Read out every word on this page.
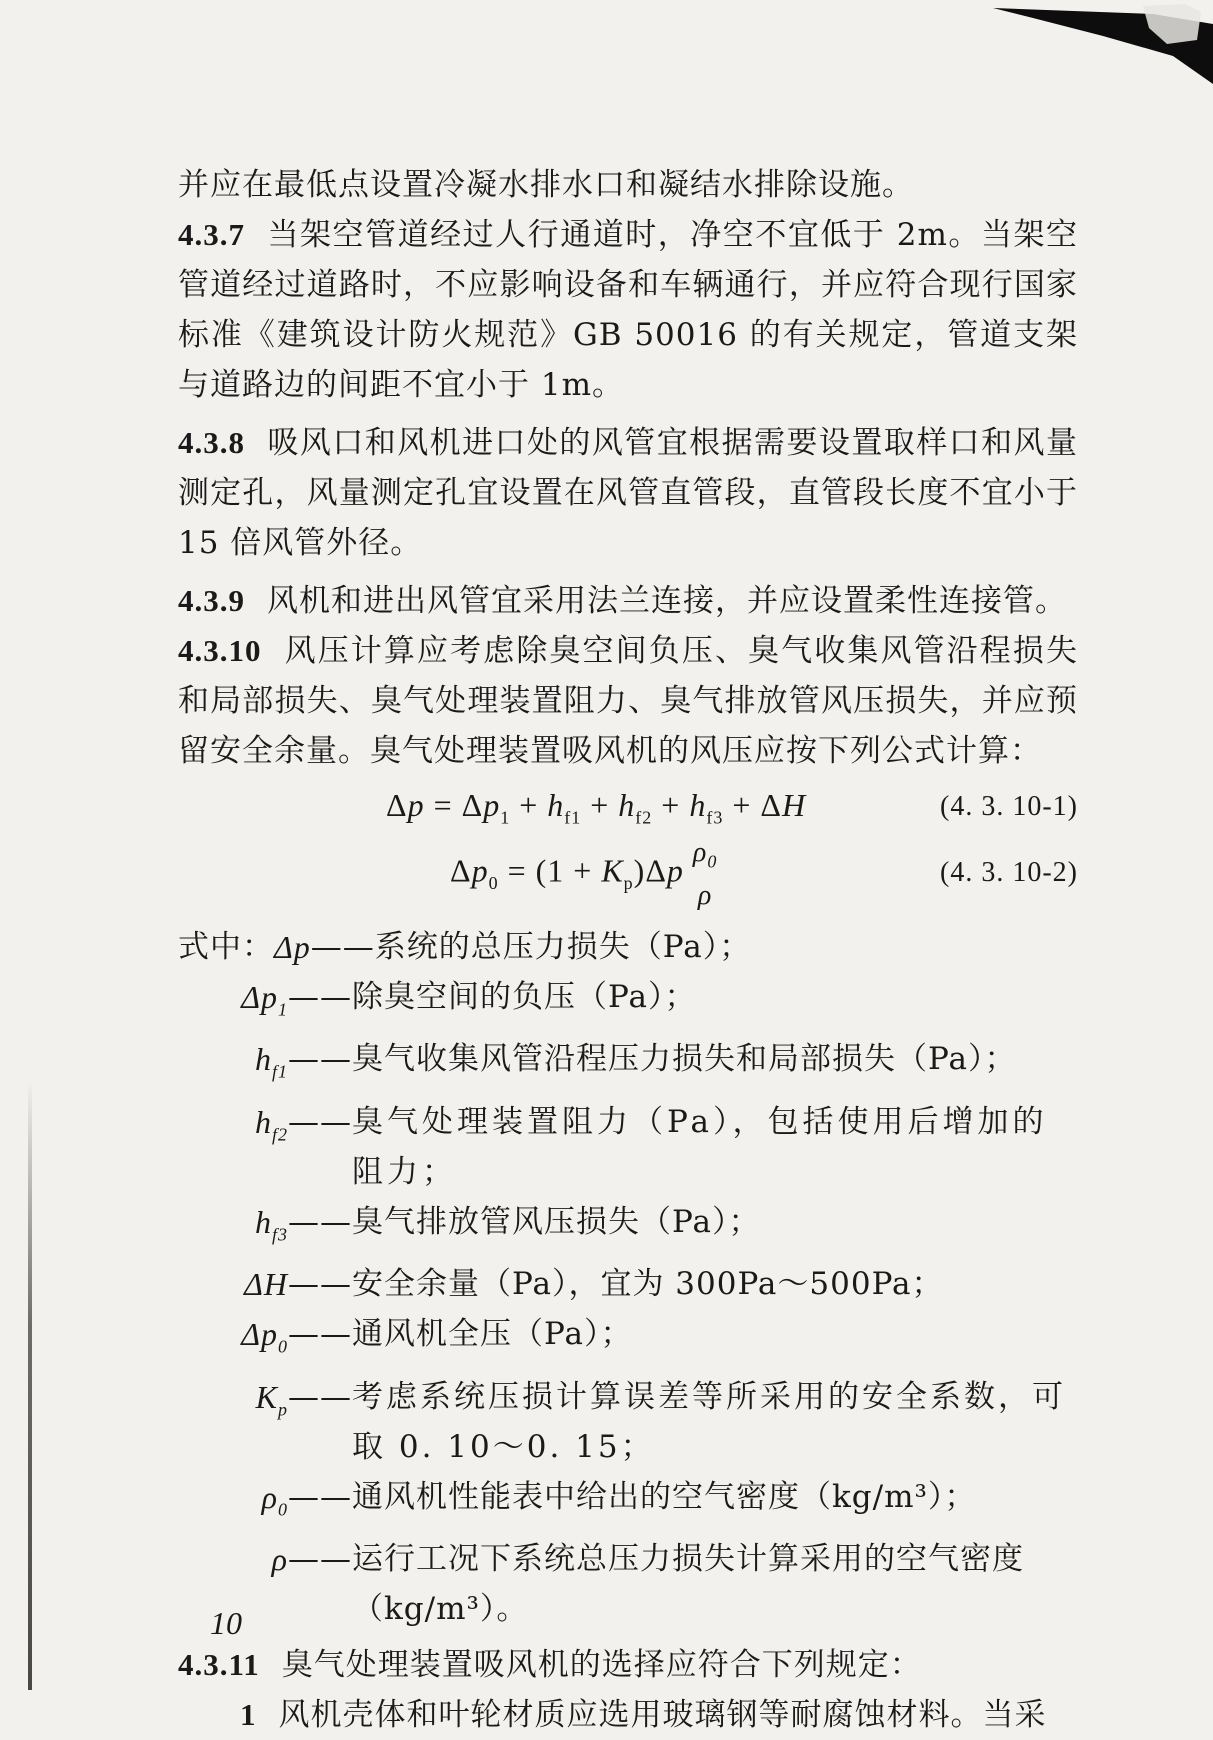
并应在最低点设置冷凝水排水口和凝结水排除设施。

4.3.7 当架空管道经过人行通道时，净空不宜低于 2m。当架空管道经过道路时，不应影响设备和车辆通行，并应符合现行国家标准《建筑设计防火规范》GB 50016 的有关规定，管道支架与道路边的间距不宜小于 1m。

4.3.8 吸风口和风机进口处的风管宜根据需要设置取样口和风量测定孔，风量测定孔宜设置在风管直管段，直管段长度不宜小于 15 倍风管外径。

4.3.9 风机和进出风管宜采用法兰连接，并应设置柔性连接管。

4.3.10 风压计算应考虑除臭空间负压、臭气收集风管沿程损失和局部损失、臭气处理装置阻力、臭气排放管风压损失，并应预留安全余量。臭气处理装置吸风机的风压应按下列公式计算：

$\Delta p = \Delta p_1 + h_{f1} + h_{f2} + h_{f3} + \Delta H$	(4. 3. 10-1)
$\Delta p_0 = (1 + K_p)\Delta p$
$\rho_0$
ρ
(4. 3. 10-2)
式中： Δp —— 系统的总压力损失（Pa）；
$\Delta p_1$ —— 除臭空间的负压（Pa）；
$h_{f1}$ —— 臭气收集风管沿程压力损失和局部损失（Pa）；
$h_{f2}$ —— 臭气处理装置阻力（Pa），包括使用后增加的阻力；
$h_{f3}$ —— 臭气排放管风压损失（Pa）；
ΔH —— 安全余量（Pa），宜为 300Pa～500Pa；
$\Delta p_0$ —— 通风机全压（Pa）；
$K_p$ —— 考虑系统压损计算误差等所采用的安全系数，可取 0. 10～0. 15；
$\rho_0$ —— 通风机性能表中给出的空气密度（kg/m³）；
ρ —— 运行工况下系统总压力损失计算采用的空气密度（kg/m³）。

4.3.11 臭气处理装置吸风机的选择应符合下列规定：

1 风机壳体和叶轮材质应选用玻璃钢等耐腐蚀材料。当采

10
